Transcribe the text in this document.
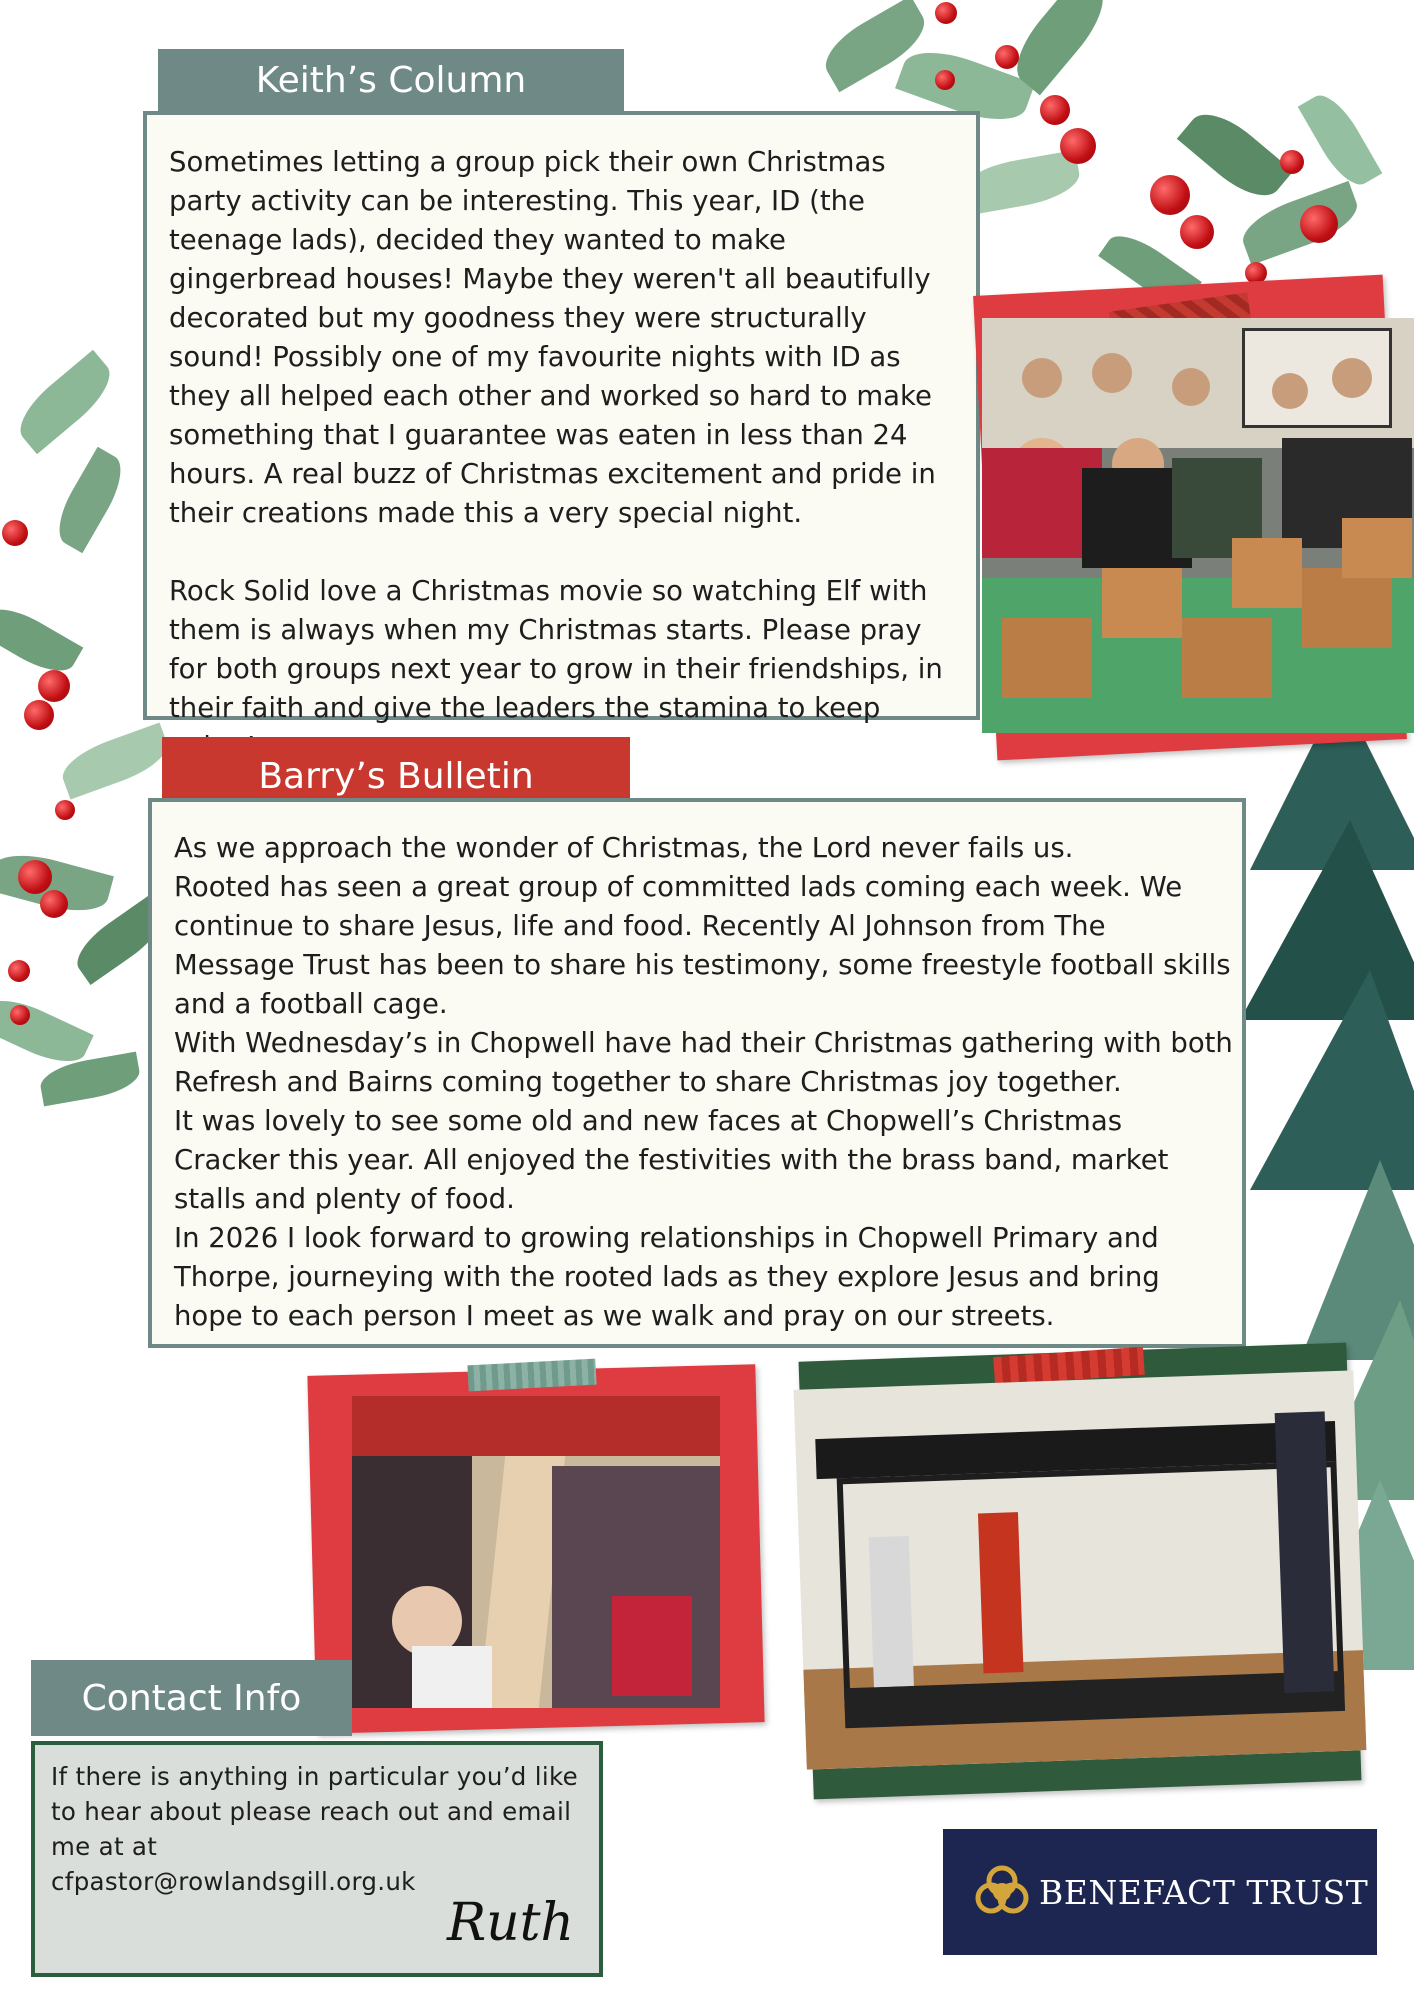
Keith’s Column

Sometimes letting a group pick their own Christmas party activity can be interesting. This year, ID (the teenage lads), decided they wanted to make gingerbread houses! Maybe they weren't all beautifully decorated but my goodness they were structurally sound! Possibly one of my favourite nights with ID as they all helped each other and worked so hard to make something that I guarantee was eaten in less than 24 hours. A real buzz of Christmas excitement and pride in their creations made this a very special night.

Rock Solid love a Christmas movie so watching Elf with them is always when my Christmas starts. Please pray for both groups next year to grow in their friendships, in their faith and give the leaders the stamina to keep

Barry’s Bulletin

As we approach the wonder of Christmas, the Lord never fails us.

Rooted has seen a great group of committed lads coming each week. We continue to share Jesus, life and food. Recently Al Johnson from The Message Trust has been to share his testimony, some freestyle football skills and a football cage.

With Wednesday’s in Chopwell have had their Christmas gathering with both Refresh and Bairns coming together to share Christmas joy together.

It was lovely to see some old and new faces at Chopwell’s Christmas Cracker this year. All enjoyed the festivities with the brass band, market stalls and plenty of food.

In 2026 I look forward to growing relationships in Chopwell Primary and Thorpe, journeying with the rooted lads as they explore Jesus and bring hope to each person I meet as we walk and pray on our streets.

Contact Info
If there is anything in particular you’d like to hear about please reach out and email me at at
cfpastor@rowlandsgill.org.uk
Ruth
BENEFACT TRUST
